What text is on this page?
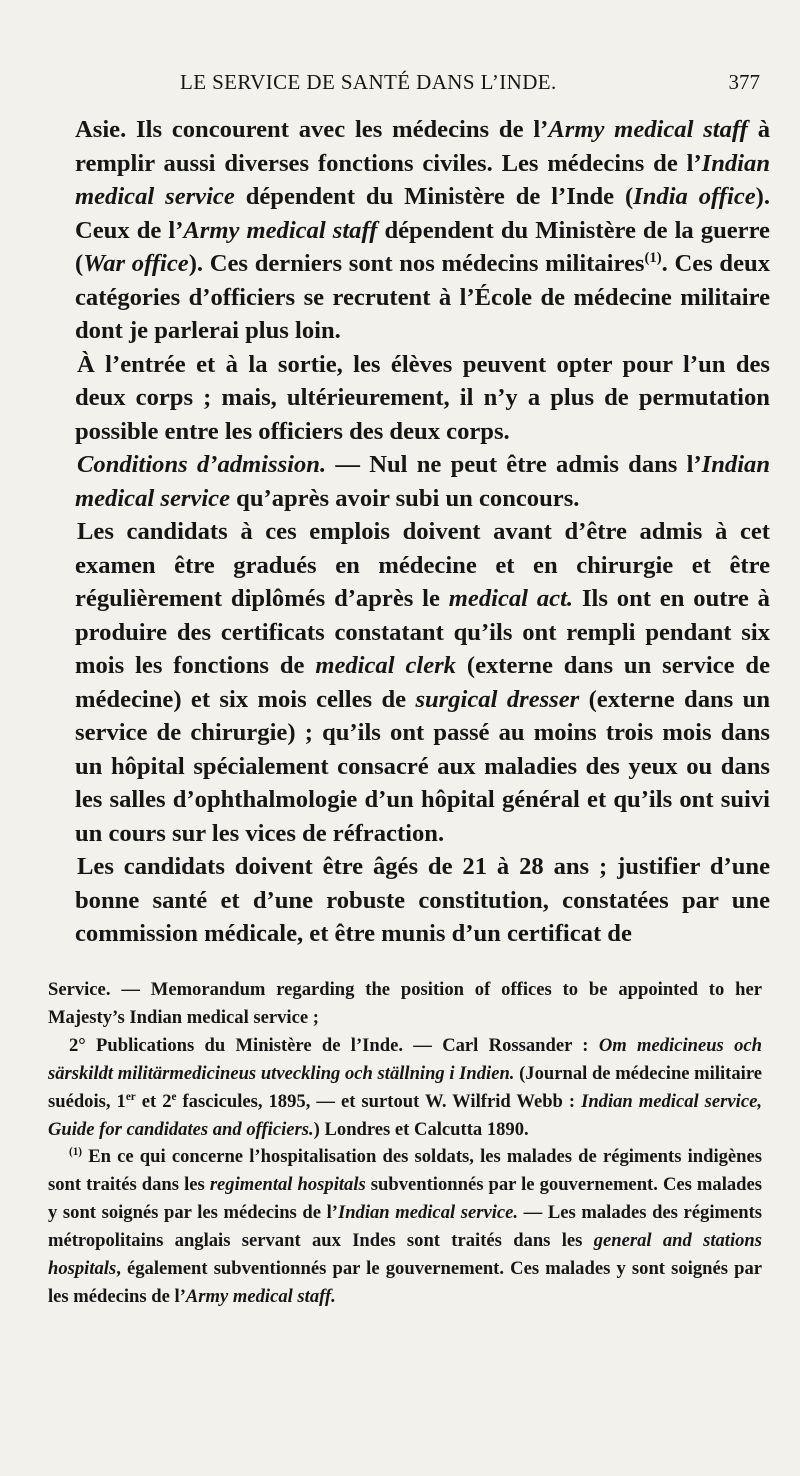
LE SERVICE DE SANTÉ DANS L’INDE.	377

Asie. Ils concourent avec les médecins de l’Army medical staff à remplir aussi diverses fonctions civiles. Les médecins de l’Indian medical service dépendent du Ministère de l’Inde (India office). Ceux de l’Army medical staff dépendent du Ministère de la guerre (War office). Ces derniers sont nos médecins militaires$^{(1)}$. Ces deux catégories d’officiers se recrutent à l’École de médecine militaire dont je parlerai plus loin.

À l’entrée et à la sortie, les élèves peuvent opter pour l’un des deux corps ; mais, ultérieurement, il n’y a plus de permutation possible entre les officiers des deux corps.

Conditions d’admission. — Nul ne peut être admis dans l’Indian medical service qu’après avoir subi un concours.

Les candidats à ces emplois doivent avant d’être admis à cet examen être gradués en médecine et en chirurgie et être régulièrement diplômés d’après le medical act. Ils ont en outre à produire des certificats constatant qu’ils ont rempli pendant six mois les fonctions de medical clerk (externe dans un service de médecine) et six mois celles de surgical dresser (externe dans un service de chirurgie) ; qu’ils ont passé au moins trois mois dans un hôpital spécialement consacré aux maladies des yeux ou dans les salles d’ophthalmologie d’un hôpital général et qu’ils ont suivi un cours sur les vices de réfraction.

Les candidats doivent être âgés de 21 à 28 ans ; justifier d’une bonne santé et d’une robuste constitution, constatées par une commission médicale, et être munis d’un certificat de

Service. — Memorandum regarding the position of offices to be appointed to her Majesty’s Indian medical service ;

2° Publications du Ministère de l’Inde. — Carl Rossander : Om medicineus och särskildt militärmedicineus utveckling och ställning i Indien. (Journal de médecine militaire suédois, 1er et 2e fascicules, 1895, — et surtout W. Wilfrid Webb : Indian medical service, Guide for candidates and officiers.) Londres et Calcutta 1890.

$^{(1)}$ En ce qui concerne l’hospitalisation des soldats, les malades de régiments indigènes sont traités dans les regimental hospitals subventionnés par le gouvernement. Ces malades y sont soignés par les médecins de l’Indian medical service. — Les malades des régiments métropolitains anglais servant aux Indes sont traités dans les general and stations hospitals, également subventionnés par le gouvernement. Ces malades y sont soignés par les médecins de l’Army medical staff.
